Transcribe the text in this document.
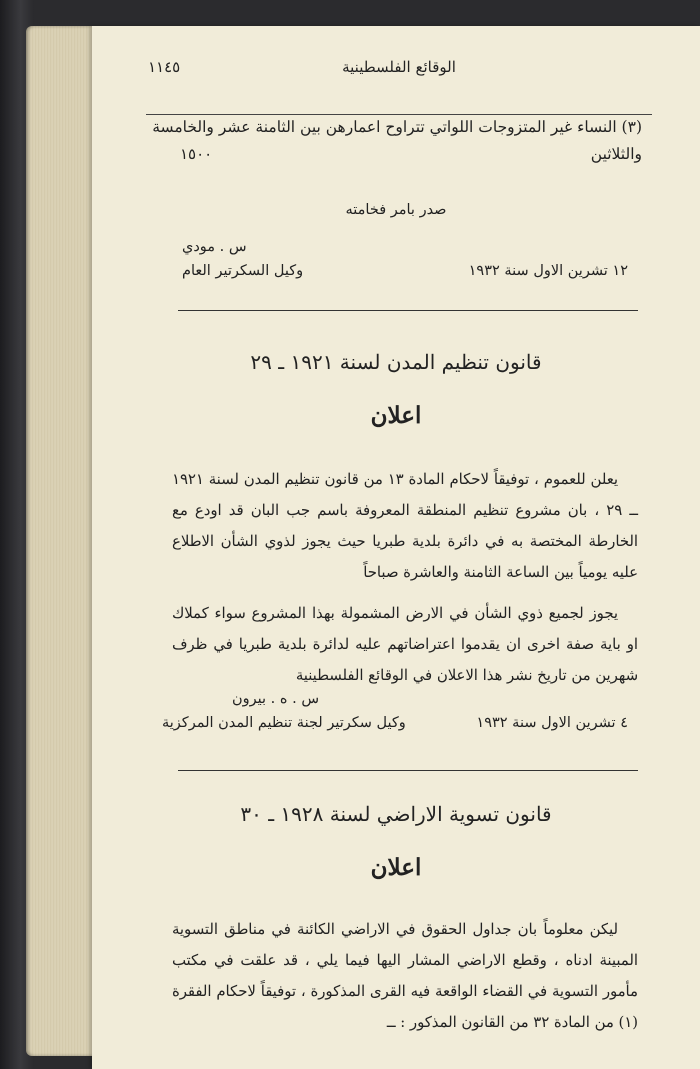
الوقائع الفلسطينية
١١٤٥
(٣) النساء غير المتزوجات اللواتي تتراوح اعمارهن بين الثامنة عشر والخامسة
والثلاثين
١٥٠٠
صدر بامر فخامته
س . مودي
وكيل السكرتير العام	١٢ تشرين الاول سنة ١٩٣٢
قانون تنظيم المدن لسنة ١٩٢١ ـ ٢٩
اعلان

يعلن للعموم ، توفيقاً لاحكام المادة ١٣ من قانون تنظيم المدن لسنة ١٩٢١ ــ ٢٩ ، بان مشروع تنظيم المنطقة المعروفة باسم جب البان قد اودع مع الخارطة المختصة به في دائرة بلدية طبريا حيث يجوز لذوي الشأن الاطلاع عليه يومياً بين الساعة الثامنة والعاشرة صباحاً

يجوز لجميع ذوي الشأن في الارض المشمولة بهذا المشروع سواء كملاك او باية صفة اخرى ان يقدموا اعتراضاتهم عليه لدائرة بلدية طبريا في ظرف شهرين من تاريخ نشر هذا الاعلان في الوقائع الفلسطينية

س . ه . بيرون
وكيل سكرتير لجنة تنظيم المدن المركزية	٤ تشرين الاول سنة ١٩٣٢
قانون تسوية الاراضي لسنة ١٩٢٨ ـ ٣٠
اعلان

ليكن معلوماً بان جداول الحقوق في الاراضي الكائنة في مناطق التسوية المبينة ادناه ، وقطع الاراضي المشار اليها فيما يلي ، قد علقت في مكتب مأمور التسوية في القضاء الواقعة فيه القرى المذكورة ، توفيقاً لاحكام الفقرة (١) من المادة ٣٢ من القانون المذكور : ــ
